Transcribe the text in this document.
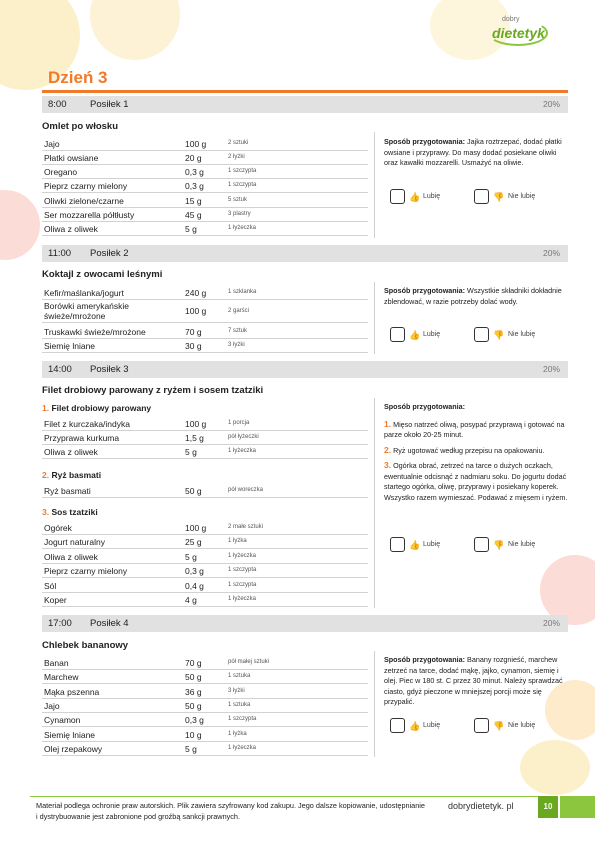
dobry
dietetyk
Dzień 3
8:00 Posiłek 1	20%
Omlet po włosku
Jajo	100 g	2 sztuki
Płatki owsiane	20 g	2 łyżki
Oregano	0,3 g	1 szczypta
Pieprz czarny mielony	0,3 g	1 szczypta
Oliwki zielone/czarne	15 g	5 sztuk
Ser mozzarella półtłusty	45 g	3 plastry
Oliwa z oliwek	5 g	1 łyżeczka
Sposób przygotowania: Jajka roztrzepać, dodać płatki owsiane i przyprawy. Do masy dodać posiekane oliwki oraz kawałki mozzarelli. Usmażyć na oliwie.
👍 Lubię	👎 Nie lubię
11:00 Posiłek 2	20%
Koktajl z owocami leśnymi
Kefir/maślanka/jogurt	240 g	1 szklanka
Borówki amerykańskie świeże/mrożone	100 g	2 garści
Truskawki świeże/mrożone	70 g	7 sztuk
Siemię lniane	30 g	3 łyżki
Sposób przygotowania: Wszystkie składniki dokładnie zblendować, w razie potrzeby dolać wody.
👍 Lubię	👎 Nie lubię
14:00 Posiłek 3	20%
Filet drobiowy parowany z ryżem i sosem tzatziki
1. Filet drobiowy parowany
Filet z kurczaka/indyka	100 g	1 porcja
Przyprawa kurkuma	1,5 g	pół łyżeczki
Oliwa z oliwek	5 g	1 łyżeczka
2. Ryż basmati
Ryż basmati	50 g	pół woreczka
3. Sos tzatziki
Ogórek	100 g	2 małe sztuki
Jogurt naturalny	25 g	1 łyżka
Oliwa z oliwek	5 g	1 łyżeczka
Pieprz czarny mielony	0,3 g	1 szczypta
Sól	0,4 g	1 szczypta
Koper	4 g	1 łyżeczka

Sposób przygotowania:

1. Mięso natrzeć oliwą, posypać przyprawą i gotować na parze około 20-25 minut.

2. Ryż ugotować według przepisu na opakowaniu.

3. Ogórka obrać, zetrzeć na tarce o dużych oczkach, ewentualnie odcisnąć z nadmiaru soku. Do jogurtu dodać startego ogórka, oliwę, przyprawy i posiekany koperek. Wszystko razem wymieszać. Podawać z mięsem i ryżem.

👍 Lubię	👎 Nie lubię
17:00 Posiłek 4	20%
Chlebek bananowy
Banan	70 g	pół małej sztuki
Marchew	50 g	1 sztuka
Mąka pszenna	36 g	3 łyżki
Jajo	50 g	1 sztuka
Cynamon	0,3 g	1 szczypta
Siemię lniane	10 g	1 łyżka
Olej rzepakowy	5 g	1 łyżeczka
Sposób przygotowania: Banany rozgnieść, marchew zetrzeć na tarce, dodać mąkę, jajko, cynamon, siemię i olej. Piec w 180 st. C przez 30 minut. Należy sprawdzać ciasto, gdyż pieczone w mniejszej porcji może się przypalić.
👍 Lubię	👎 Nie lubię
Materiał podlega ochronie praw autorskich. Plik zawiera szyfrowany kod zakupu. Jego dalsze kopiowanie, udostępnianie i dystrybuowanie jest zabronione pod groźbą sankcji prawnych.
dobrydietetyk. pl	10
